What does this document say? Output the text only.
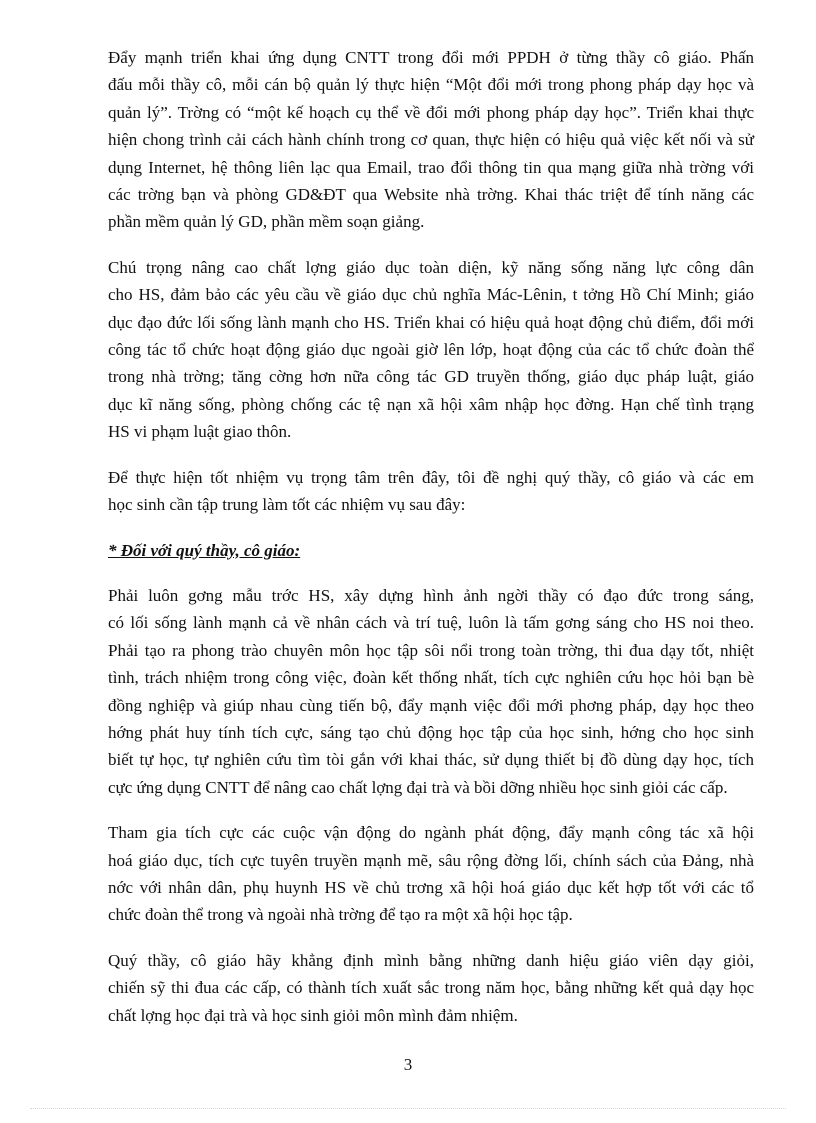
Đẩy mạnh triển khai ứng dụng CNTT trong đổi mới PPDH ở từng thầy cô giáo. Phấn
đấu mỗi thầy cô, mỗi cán bộ quản lý thực hiện “Một đổi mới trong phong pháp dạy học và
quản lý”. Trờng có “một kế hoạch cụ thể về đổi mới phong pháp dạy học”. Triển khai thực
hiện chong trình cải cách hành chính trong cơ quan, thực hiện có hiệu quả việc kết nối và sử
dụng Internet, hệ thông liên lạc qua Email, trao đổi thông tin qua mạng giữa nhà trờng với
các trờng bạn và phòng GD&ĐT qua Website nhà trờng. Khai thác triệt để tính năng các
phần mềm quản lý GD, phần mềm soạn giảng.

Chú trọng nâng cao chất lợng giáo dục toàn diện, kỹ năng sống năng lực công dân
cho HS, đảm bảo các yêu cầu về giáo dục chủ nghĩa Mác-Lênin, t tởng Hồ Chí Minh; giáo
dục đạo đức lối sống lành mạnh cho HS. Triển khai có hiệu quả hoạt động chủ điểm, đổi mới
công tác tổ chức hoạt động giáo dục ngoài giờ lên lớp, hoạt động của các tổ chức đoàn thể
trong nhà trờng; tăng cờng hơn nữa công tác GD truyền thống, giáo dục pháp luật, giáo
dục kĩ năng sống, phòng chống các tệ nạn xã hội xâm nhập học đờng. Hạn chế tình trạng
HS vi phạm luật giao thôn.

Để thực hiện tốt nhiệm vụ trọng tâm trên đây, tôi đề nghị quý thầy, cô giáo và các em
học sinh cần tập trung làm tốt các nhiệm vụ sau đây:

* Đối với quý thầy, cô giáo:

Phải luôn gơng mẫu trớc HS, xây dựng hình ảnh ngời thầy có đạo đức trong sáng,
có lối sống lành mạnh cả về nhân cách và trí tuệ, luôn là tấm gơng sáng cho HS noi theo.
Phải tạo ra phong trào chuyên môn học tập sôi nổi trong toàn trờng, thi đua dạy tốt, nhiệt
tình, trách nhiệm trong công việc, đoàn kết thống nhất, tích cực nghiên cứu học hỏi bạn bè
đồng nghiệp và giúp nhau cùng tiến bộ, đẩy mạnh việc đổi mới phơng pháp, dạy học theo
hớng phát huy tính tích cực, sáng tạo chủ động học tập của học sinh, hớng cho học sinh
biết tự học, tự nghiên cứu tìm tòi gắn với khai thác, sử dụng thiết bị đồ dùng dạy học, tích
cực ứng dụng CNTT để nâng cao chất lợng đại trà và bồi dỡng nhiều học sinh giỏi các cấp.

Tham gia tích cực các cuộc vận động do ngành phát động, đẩy mạnh công tác xã hội
hoá giáo dục, tích cực tuyên truyền mạnh mẽ, sâu rộng đờng lối, chính sách của Đảng, nhà
nớc với nhân dân, phụ huynh HS về chủ trơng xã hội hoá giáo dục kết hợp tốt với các tổ
chức đoàn thể trong và ngoài nhà trờng để tạo ra một xã hội học tập.

Quý thầy, cô giáo hãy khẳng định mình bằng những danh hiệu giáo viên dạy giỏi,
chiến sỹ thi đua các cấp, có thành tích xuất sắc trong năm học, bằng những kết quả dạy học
chất lợng học đại trà và học sinh giỏi môn mình đảm nhiệm.

3
